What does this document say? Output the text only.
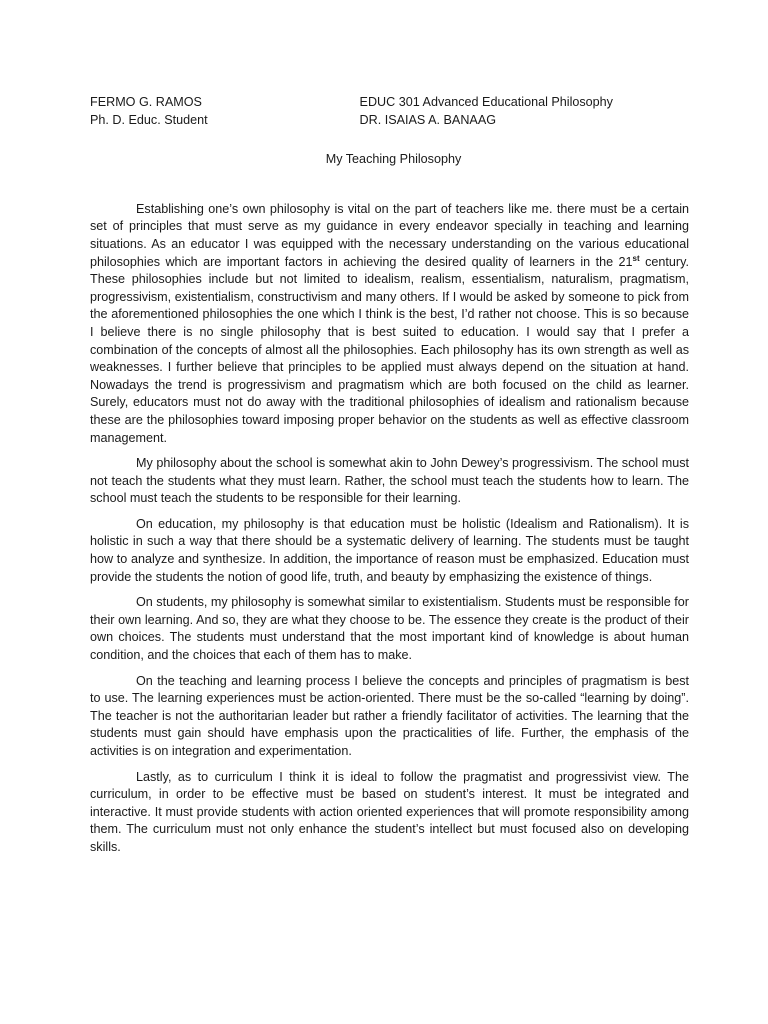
FERMO G. RAMOS
Ph. D. Educ. Student
EDUC 301 Advanced Educational Philosophy
DR. ISAIAS A. BANAAG
My Teaching Philosophy

Establishing one’s own philosophy is vital on the part of teachers like me. there must be a certain set of principles that must serve as my guidance in every endeavor specially in teaching and learning situations. As an educator I was equipped with the necessary understanding on the various educational philosophies which are important factors in achieving the desired quality of learners in the 21st century. These philosophies include but not limited to idealism, realism, essentialism, naturalism, pragmatism, progressivism, existentialism, constructivism and many others. If I would be asked by someone to pick from the aforementioned philosophies the one which I think is the best, I’d rather not choose. This is so because I believe there is no single philosophy that is best suited to education. I would say that I prefer a combination of the concepts of almost all the philosophies. Each philosophy has its own strength as well as weaknesses. I further believe that principles to be applied must always depend on the situation at hand. Nowadays the trend is progressivism and pragmatism which are both focused on the child as learner. Surely, educators must not do away with the traditional philosophies of idealism and rationalism because these are the philosophies toward imposing proper behavior on the students as well as effective classroom management.

My philosophy about the school is somewhat akin to John Dewey’s progressivism. The school must not teach the students what they must learn. Rather, the school must teach the students how to learn. The school must teach the students to be responsible for their learning.

On education, my philosophy is that education must be holistic (Idealism and Rationalism). It is holistic in such a way that there should be a systematic delivery of learning. The students must be taught how to analyze and synthesize. In addition, the importance of reason must be emphasized. Education must provide the students the notion of good life, truth, and beauty by emphasizing the existence of things.

On students, my philosophy is somewhat similar to existentialism. Students must be responsible for their own learning. And so, they are what they choose to be. The essence they create is the product of their own choices. The students must understand that the most important kind of knowledge is about human condition, and the choices that each of them has to make.

On the teaching and learning process I believe the concepts and principles of pragmatism is best to use. The learning experiences must be action-oriented. There must be the so-called “learning by doing”. The teacher is not the authoritarian leader but rather a friendly facilitator of activities. The learning that the students must gain should have emphasis upon the practicalities of life. Further, the emphasis of the activities is on integration and experimentation.

Lastly, as to curriculum I think it is ideal to follow the pragmatist and progressivist view. The curriculum, in order to be effective must be based on student’s interest. It must be integrated and interactive. It must provide students with action oriented experiences that will promote responsibility among them. The curriculum must not only enhance the student’s intellect but must focused also on developing skills.
